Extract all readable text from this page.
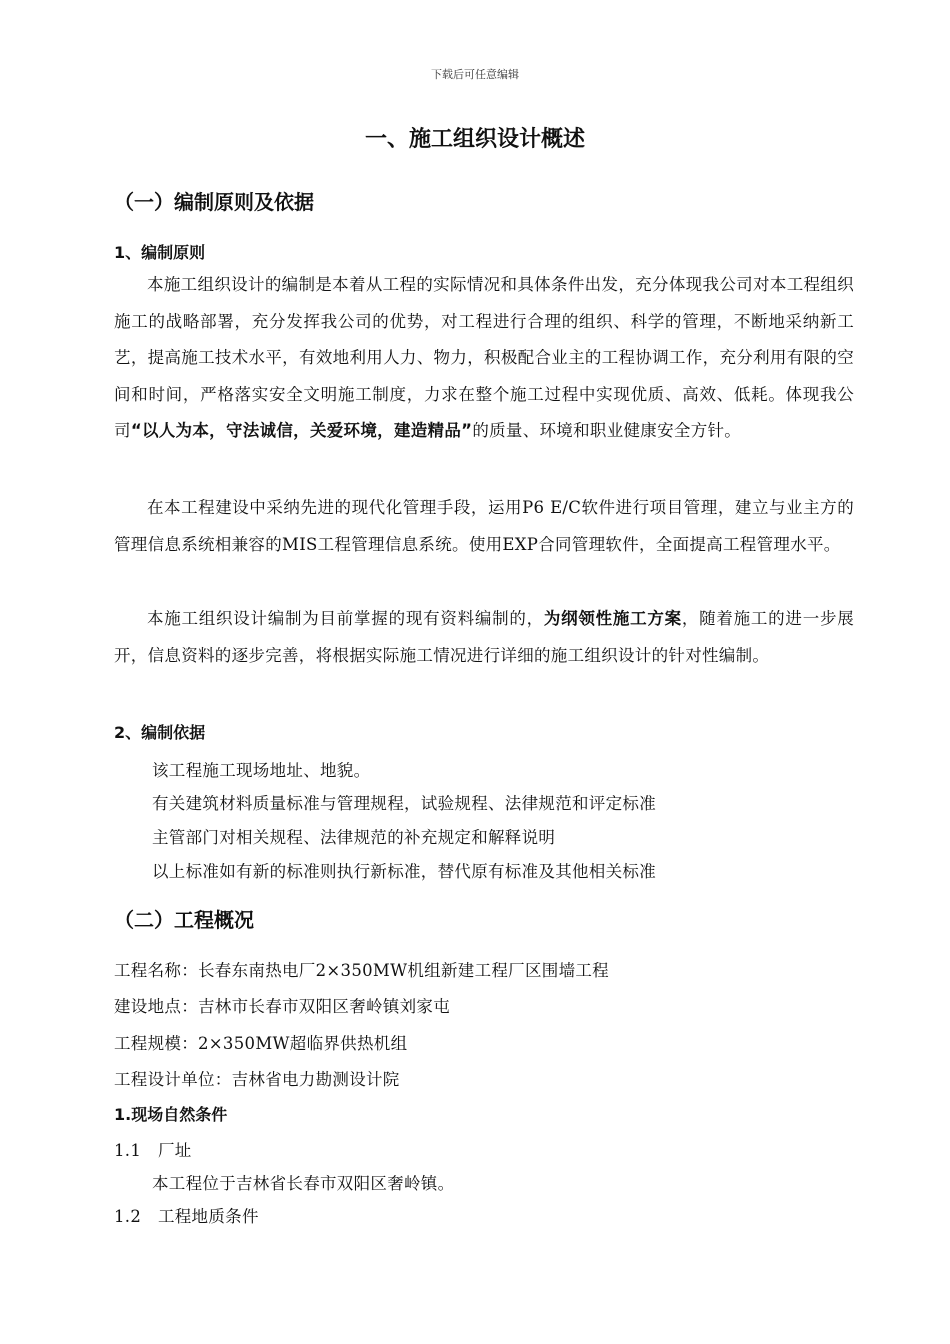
下载后可任意编辑
一、施工组织设计概述
（一）编制原则及依据
1、编制原则
本施工组织设计的编制是本着从工程的实际情况和具体条件出发，充分体现我公司对本工程组织施工的战略部署，充分发挥我公司的优势，对工程进行合理的组织、科学的管理，不断地采纳新工艺，提高施工技术水平，有效地利用人力、物力，积极配合业主的工程协调工作，充分利用有限的空间和时间，严格落实安全文明施工制度，力求在整个施工过程中实现优质、高效、低耗。体现我公司“以人为本，守法诚信，关爱环境，建造精品”的质量、环境和职业健康安全方针。
在本工程建设中采纳先进的现代化管理手段，运用P6 E/C软件进行项目管理，建立与业主方的管理信息系统相兼容的MIS工程管理信息系统。使用EXP合同管理软件，全面提高工程管理水平。
本施工组织设计编制为目前掌握的现有资料编制的，为纲领性施工方案，随着施工的进一步展开，信息资料的逐步完善，将根据实际施工情况进行详细的施工组织设计的针对性编制。
2、编制依据
该工程施工现场地址、地貌。
有关建筑材料质量标准与管理规程，试验规程、法律规范和评定标准
主管部门对相关规程、法律规范的补充规定和解释说明
以上标准如有新的标准则执行新标准，替代原有标准及其他相关标准
（二）工程概况
工程名称：长春东南热电厂2×350MW机组新建工程厂区围墙工程
建设地点：吉林市长春市双阳区奢岭镇刘家屯
工程规模：2×350MW超临界供热机组
工程设计单位：吉林省电力勘测设计院
1.现场自然条件
1.1　厂址
本工程位于吉林省长春市双阳区奢岭镇。
1.2　工程地质条件
